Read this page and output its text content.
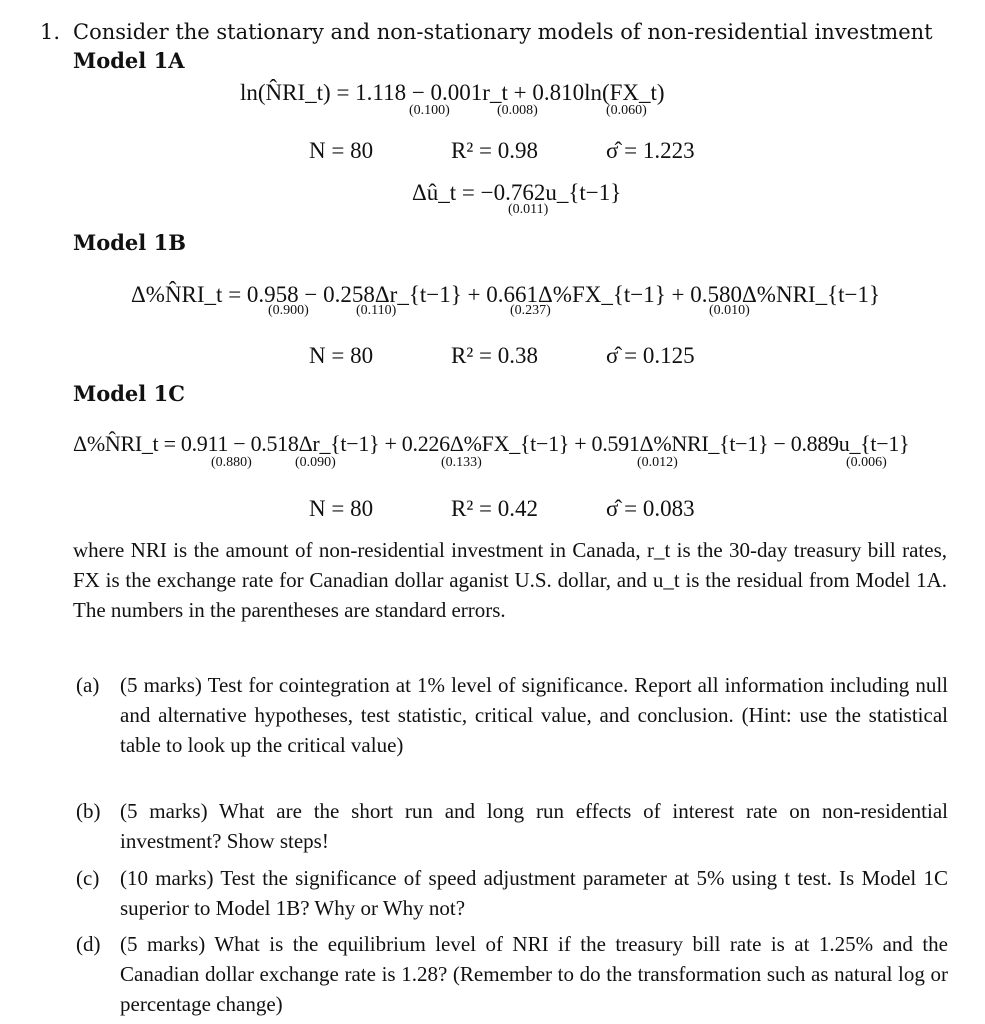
1. Consider the stationary and non-stationary models of non-residential investment
Model 1A
ln(N̂RI_t) = 1.118 − 0.001r_t + 0.810ln(FX_t)
(0.100)	(0.008)	(0.060)
N = 80	R² = 0.98	σ̂ = 1.223
Δû_t = −0.762u_{t−1}
(0.011)
Model 1B
Δ%N̂RI_t = 0.958 − 0.258Δr_{t−1} + 0.661Δ%FX_{t−1} + 0.580Δ%NRI_{t−1}
(0.900)	(0.110)	(0.237)	(0.010)
N = 80	R² = 0.38	σ̂ = 0.125
Model 1C
Δ%N̂RI_t = 0.911 − 0.518Δr_{t−1} + 0.226Δ%FX_{t−1} + 0.591Δ%NRI_{t−1} − 0.889u_{t−1}
(0.880)	(0.090)	(0.133)	(0.012)	(0.006)
N = 80	R² = 0.42	σ̂ = 0.083
where NRI is the amount of non-residential investment in Canada, r_t is the 30-day treasury bill rates, FX is the exchange rate for Canadian dollar aganist U.S. dollar, and u_t is the residual from Model 1A. The numbers in the parentheses are standard errors.
(a) (5 marks) Test for cointegration at 1% level of significance. Report all information including null and alternative hypotheses, test statistic, critical value, and conclusion. (Hint: use the statistical table to look up the critical value)
(b) (5 marks) What are the short run and long run effects of interest rate on non-residential investment? Show steps!
(c) (10 marks) Test the significance of speed adjustment parameter at 5% using t test. Is Model 1C superior to Model 1B? Why or Why not?
(d) (5 marks) What is the equilibrium level of NRI if the treasury bill rate is at 1.25% and the Canadian dollar exchange rate is 1.28? (Remember to do the transformation such as natural log or percentage change)
